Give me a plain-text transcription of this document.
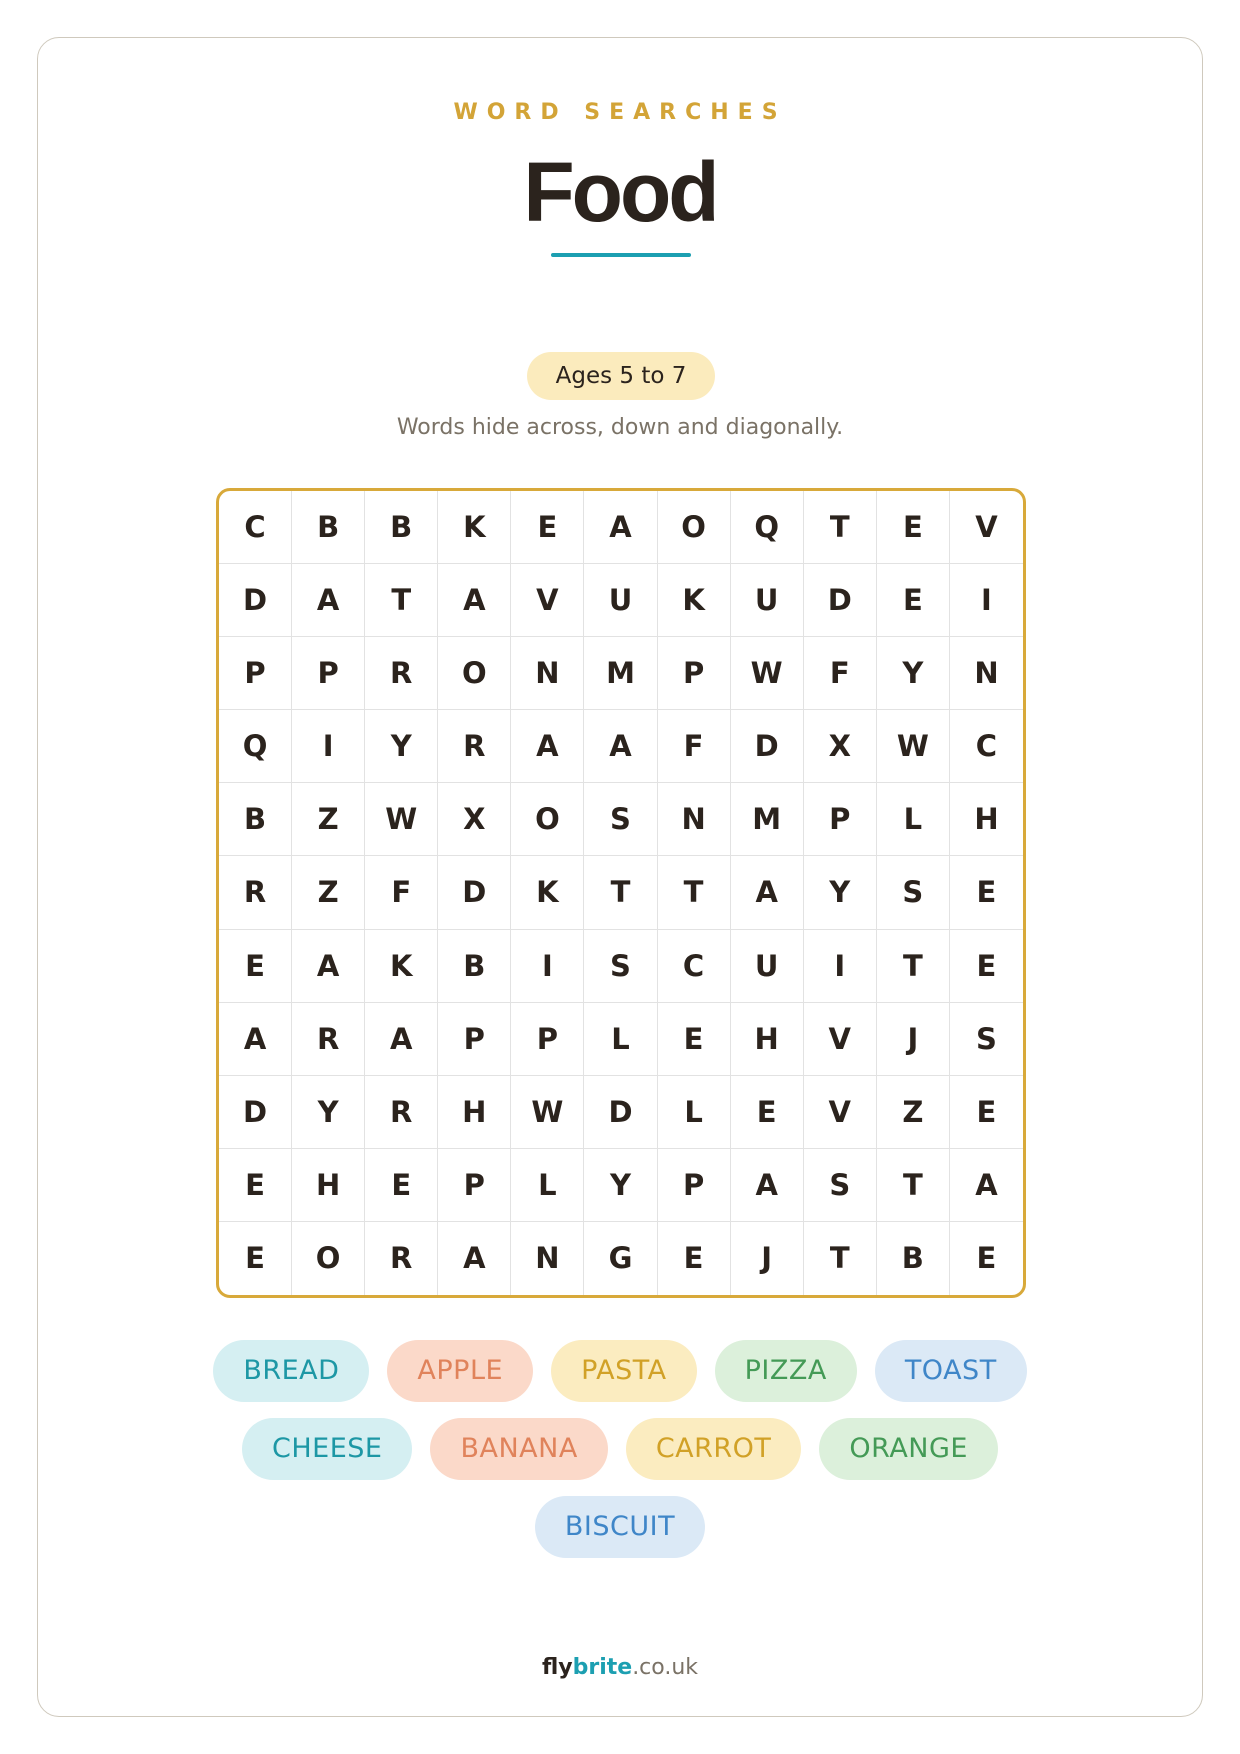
WORD SEARCHES
Food
Ages 5 to 7
Words hide across, down and diagonally.
C	B	B	K	E	A	O	Q	T	E	V
D	A	T	A	V	U	K	U	D	E	I
P	P	R	O	N	M	P	W	F	Y	N
Q	I	Y	R	A	A	F	D	X	W	C
B	Z	W	X	O	S	N	M	P	L	H
R	Z	F	D	K	T	T	A	Y	S	E
E	A	K	B	I	S	C	U	I	T	E
A	R	A	P	P	L	E	H	V	J	S
D	Y	R	H	W	D	L	E	V	Z	E
E	H	E	P	L	Y	P	A	S	T	A
E	O	R	A	N	G	E	J	T	B	E
BREAD	APPLE	PASTA	PIZZA	TOAST
CHEESE	BANANA	CARROT	ORANGE
BISCUIT
flybrite.co.uk
